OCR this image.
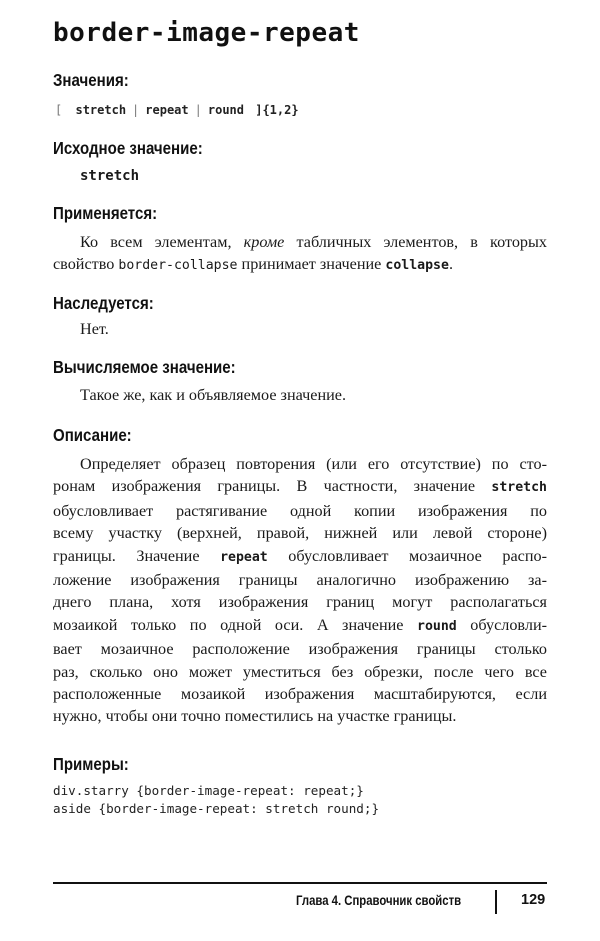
border-image-repeat
Значения:
[ stretch | repeat | round ]{1,2}
Исходное значение:
stretch
Применяется:
Ко всем элементам, кроме табличных элементов, в которых
свойство border-collapse принимает значение collapse.
Наследуется:
Нет.
Вычисляемое значение:
Такое же, как и объявляемое значение.
Описание:
Определяет образец повторения (или его отсутствие) по сто-
ронам изображения границы. В частности, значение stretch
обусловливает растягивание одной копии изображения по
всему участку (верхней, правой, нижней или левой стороне)
границы. Значение repeat обусловливает мозаичное распо-
ложение изображения границы аналогично изображению за-
днего плана, хотя изображения границ могут располагаться
мозаикой только по одной оси. А значение round обусловли-
вает мозаичное расположение изображения границы столько
раз, сколько оно может уместиться без обрезки, после чего все
расположенные мозаикой изображения масштабируются, если
нужно, чтобы они точно поместились на участке границы.
Примеры:
div.starry {border-image-repeat: repeat;}
aside {border-image-repeat: stretch round;}
Глава 4. Справочник свойств	129
